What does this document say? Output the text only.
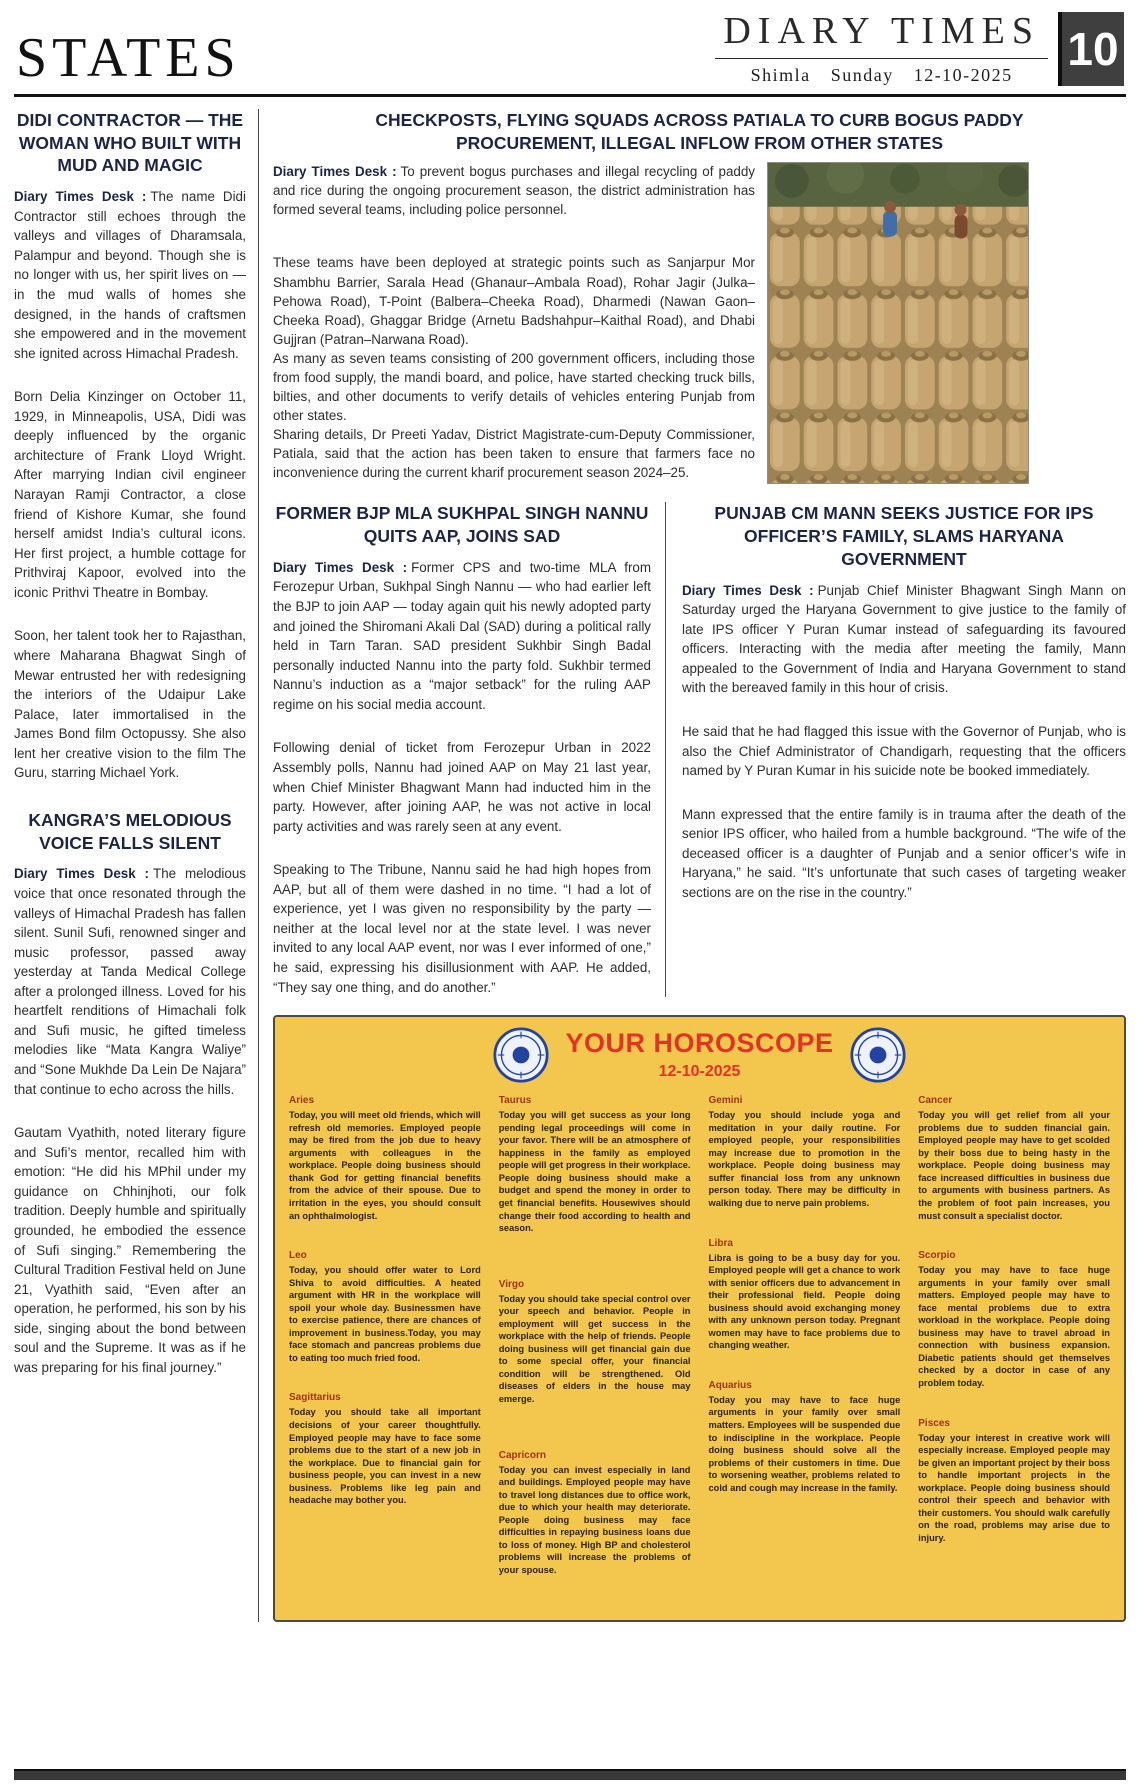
STATES	DIARY TIMES
Shimla Sunday 12-10-2025 10
DIDI CONTRACTOR — THE WOMAN WHO BUILT WITH MUD AND MAGIC

Diary Times Desk : The name Didi Contractor still echoes through the valleys and villages of Dharamsala, Palampur and beyond. Though she is no longer with us, her spirit lives on — in the mud walls of homes she designed, in the hands of craftsmen she empowered and in the movement she ignited across Himachal Pradesh.

Born Delia Kinzinger on October 11, 1929, in Minneapolis, USA, Didi was deeply influenced by the organic architecture of Frank Lloyd Wright. After marrying Indian civil engineer Narayan Ramji Contractor, a close friend of Kishore Kumar, she found herself amidst India’s cultural icons. Her first project, a humble cottage for Prithviraj Kapoor, evolved into the iconic Prithvi Theatre in Bombay.

Soon, her talent took her to Rajasthan, where Maharana Bhagwat Singh of Mewar entrusted her with redesigning the interiors of the Udaipur Lake Palace, later immortalised in the James Bond film Octopussy. She also lent her creative vision to the film The Guru, starring Michael York.

KANGRA’S MELODIOUS VOICE FALLS SILENT

Diary Times Desk : The melodious voice that once resonated through the valleys of Himachal Pradesh has fallen silent. Sunil Sufi, renowned singer and music professor, passed away yesterday at Tanda Medical College after a prolonged illness. Loved for his heartfelt renditions of Himachali folk and Sufi music, he gifted timeless melodies like “Mata Kangra Waliye” and “Sone Mukhde Da Lein De Najara” that continue to echo across the hills.

Gautam Vyathith, noted literary figure and Sufi’s mentor, recalled him with emotion: “He did his MPhil under my guidance on Chhinjhoti, our folk tradition. Deeply humble and spiritually grounded, he embodied the essence of Sufi singing.” Remembering the Cultural Tradition Festival held on June 21, Vyathith said, “Even after an operation, he performed, his son by his side, singing about the bond between soul and the Supreme. It was as if he was preparing for his final journey.”

CHECKPOSTS, FLYING SQUADS ACROSS PATIALA TO CURB BOGUS PADDY PROCUREMENT, ILLEGAL INFLOW FROM OTHER STATES

Diary Times Desk : To prevent bogus purchases and illegal recycling of paddy and rice during the ongoing procurement season, the district administration has formed several teams, including police personnel.

These teams have been deployed at strategic points such as Sanjarpur Mor Shambhu Barrier, Sarala Head (Ghanaur–Ambala Road), Rohar Jagir (Julka–Pehowa Road), T-Point (Balbera–Cheeka Road), Dharmedi (Nawan Gaon–Cheeka Road), Ghaggar Bridge (Arnetu Badshahpur–Kaithal Road), and Dhabi Gujjran (Patran–Narwana Road).

As many as seven teams consisting of 200 government officers, including those from food supply, the mandi board, and police, have started checking truck bills, bilties, and other documents to verify details of vehicles entering Punjab from other states.

Sharing details, Dr Preeti Yadav, District Magistrate-cum-Deputy Commissioner, Patiala, said that the action has been taken to ensure that farmers face no inconvenience during the current kharif procurement season 2024–25.

FORMER BJP MLA SUKHPAL SINGH NANNU QUITS AAP, JOINS SAD

Diary Times Desk : Former CPS and two-time MLA from Ferozepur Urban, Sukhpal Singh Nannu — who had earlier left the BJP to join AAP — today again quit his newly adopted party and joined the Shiromani Akali Dal (SAD) during a political rally held in Tarn Taran. SAD president Sukhbir Singh Badal personally inducted Nannu into the party fold. Sukhbir termed Nannu’s induction as a “major setback” for the ruling AAP regime on his social media account.

Following denial of ticket from Ferozepur Urban in 2022 Assembly polls, Nannu had joined AAP on May 21 last year, when Chief Minister Bhagwant Mann had inducted him in the party. However, after joining AAP, he was not active in local party activities and was rarely seen at any event.

Speaking to The Tribune, Nannu said he had high hopes from AAP, but all of them were dashed in no time. “I had a lot of experience, yet I was given no responsibility by the party — neither at the local level nor at the state level. I was never invited to any local AAP event, nor was I ever informed of one,” he said, expressing his disillusionment with AAP. He added, “They say one thing, and do another.”

PUNJAB CM MANN SEEKS JUSTICE FOR IPS OFFICER’S FAMILY, SLAMS HARYANA GOVERNMENT

Diary Times Desk : Punjab Chief Minister Bhagwant Singh Mann on Saturday urged the Haryana Government to give justice to the family of late IPS officer Y Puran Kumar instead of safeguarding its favoured officers. Interacting with the media after meeting the family, Mann appealed to the Government of India and Haryana Government to stand with the bereaved family in this hour of crisis.

He said that he had flagged this issue with the Governor of Punjab, who is also the Chief Administrator of Chandigarh, requesting that the officers named by Y Puran Kumar in his suicide note be booked immediately.

Mann expressed that the entire family is in trauma after the death of the senior IPS officer, who hailed from a humble background. “The wife of the deceased officer is a daughter of Punjab and a senior officer’s wife in Haryana,” he said. “It’s unfortunate that such cases of targeting weaker sections are on the rise in the country.”

YOUR HOROSCOPE
12-10-2025
Aries
Today, you will meet old friends, which will refresh old memories. Employed people may be fired from the job due to heavy arguments with colleagues in the workplace. People doing business should thank God for getting financial benefits from the advice of their spouse. Due to irritation in the eyes, you should consult an ophthalmologist.
Leo
Today, you should offer water to Lord Shiva to avoid difficulties. A heated argument with HR in the workplace will spoil your whole day. Businessmen have to exercise patience, there are chances of improvement in business.Today, you may face stomach and pancreas problems due to eating too much fried food.
Sagittarius
Today you should take all important decisions of your career thoughtfully. Employed people may have to face some problems due to the start of a new job in the workplace. Due to financial gain for business people, you can invest in a new business. Problems like leg pain and headache may bother you.
Taurus
Today you will get success as your long pending legal proceedings will come in your favor. There will be an atmosphere of happiness in the family as employed people will get progress in their workplace. People doing business should make a budget and spend the money in order to get financial benefits. Housewives should change their food according to health and season.
Virgo
Today you should take special control over your speech and behavior. People in employment will get success in the workplace with the help of friends. People doing business will get financial gain due to some special offer, your financial condition will be strengthened. Old diseases of elders in the house may emerge.
Capricorn
Today you can invest especially in land and buildings. Employed people may have to travel long distances due to office work, due to which your health may deteriorate. People doing business may face difficulties in repaying business loans due to loss of money. High BP and cholesterol problems will increase the problems of your spouse.
Gemini
Today you should include yoga and meditation in your daily routine. For employed people, your responsibilities may increase due to promotion in the workplace. People doing business may suffer financial loss from any unknown person today. There may be difficulty in walking due to nerve pain problems.
Libra
Libra is going to be a busy day for you. Employed people will get a chance to work with senior officers due to advancement in their professional field. People doing business should avoid exchanging money with any unknown person today. Pregnant women may have to face problems due to changing weather.
Aquarius
Today you may have to face huge arguments in your family over small matters. Employees will be suspended due to indiscipline in the workplace. People doing business should solve all the problems of their customers in time. Due to worsening weather, problems related to cold and cough may increase in the family.
Cancer
Today you will get relief from all your problems due to sudden financial gain. Employed people may have to get scolded by their boss due to being hasty in the workplace. People doing business may face increased difficulties in business due to arguments with business partners. As the problem of foot pain increases, you must consult a specialist doctor.
Scorpio
Today you may have to face huge arguments in your family over small matters. Employed people may have to face mental problems due to extra workload in the workplace. People doing business may have to travel abroad in connection with business expansion. Diabetic patients should get themselves checked by a doctor in case of any problem today.
Pisces
Today your interest in creative work will especially increase. Employed people may be given an important project by their boss to handle important projects in the workplace. People doing business should control their speech and behavior with their customers. You should walk carefully on the road, problems may arise due to injury.
